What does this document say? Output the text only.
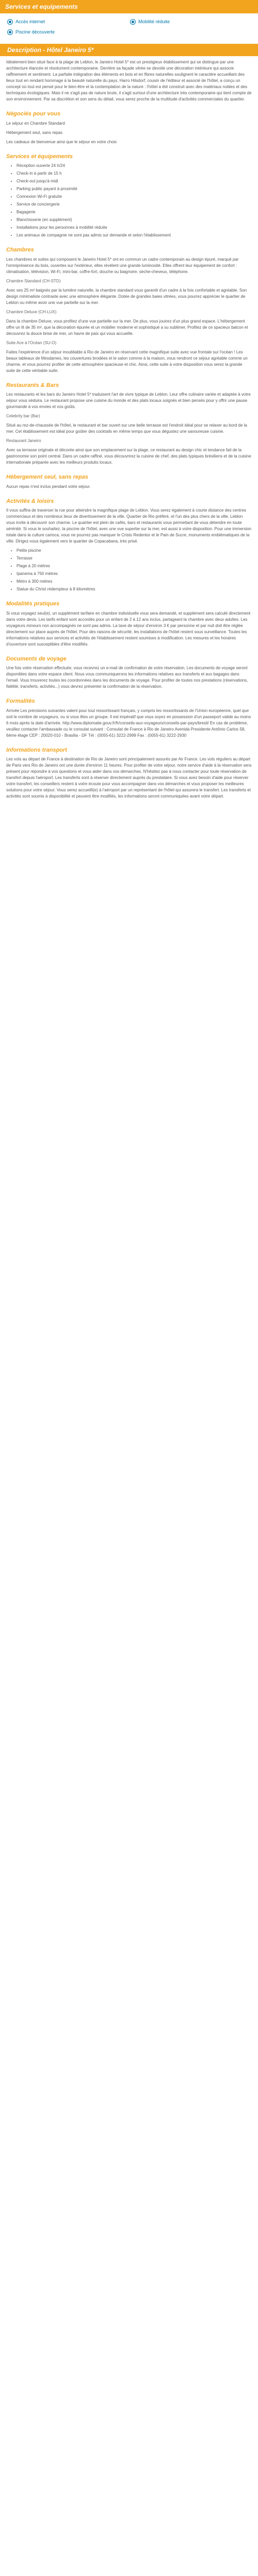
Services et equipements
Accès internet	Mobilité réduite
Piscine découverte
Description - Hôtel Janeiro 5*

Idéalement bien situé face à la plage de Leblon, le Janeiro Hotel 5* est un prestigieux établissement qui se distingue par une architecture élancée et résolument contemporaine. Derrière sa façade vitrée se devoile une décoration intérieure qui associe raffinement et sentiment. La parfaite intégration des éléments en bois et en fibres naturelles soulignent le caractère accueillant des lieux tout en rendant hommage à la beauté naturelle du pays. Harro Hilsdorf, cousin de l'éditeur et associé de l'hôtel, a conçu un concept où tout est pensé pour le bien-être et la contemplation de la nature : l'hôtel a été construit avec des matériaux nobles et des techniques écologiques. Mais il ne s'agit pas de nature brute, il s'agit surtout d'une architecture très contemporaine qui tient compte de son environnement. Par sa discrétion et son sens du détail, vous serez proche de la multitude d'activités commerciales du quartier.

Négociés pour vous

Le séjour en Chambre Standard

Hébergement seul, sans repas

Les cadeaux de bienvenue ainsi que le séjour en votre choix

Services et équipements
• Réception ouverte 24 h/24
• Check-in à partir de 15 h
• Check-out jusqu'à midi
• Parking public payant à proximité
• Connexion Wi-Fi gratuite
• Service de conciergerie
• Bagagerie
• Blanchisserie (en supplément)
• Installations pour les personnes à mobilité réduite
• Les animaux de compagnie ne sont pas admis sur demande et selon l'établissement
Chambres

Les chambres et suites qui composent le Janeiro Hotel 5* ont en commun un cadre contemporain au design épuré, marqué par l'omniprésence du bois, ouvertes sur l'extérieur, elles révèlent une grande luminosité. Elles offrent leur équipement de confort : climatisation, télévision, Wi-Fi, mini-bar, coffre-fort, douche ou baignoire, sèche-cheveux, téléphone.

Chambre Standard (CH-STD)

Avec ses 25 m² baignés par la lumière naturelle, la chambre standard vous garantit d'un cadre à la fois confortable et agréable. Son design minimaliste contraste avec une atmosphère élégante. Dotée de grandes baies vitrées, vous pourrez apprécier le quartier de Leblon ou même avoir une vue partielle sur la mer.

Chambre Deluxe (CH-LUX)

Dans la chambre Deluxe, vous profitez d'une vue partielle sur la mer. De plus, vous jouirez d'un plus grand espace. L'hébergement offre un lit de 35 m², que la décoration épurée et un mobilier moderne et sophistiqué a su sublimer. Profitez de ce spacieux balcon et découvrez la douce brise de mer, un havre de paix qui vous accueille.

Suite Ace à l'Océan (SU-O)

Faites l'expérience d'un séjour inoubliable à Rio de Janeiro en réservant cette magnifique suite avec vue frontale sur l'océan ! Les beaux tableaux de Mesdames, les couvertures brodées et le salon comme à la maison, vous rendront ce séjour agréable comme un charme, et vous pourrez profiter de cette atmosphère spacieuse et chic. Ainsi, cette suite à votre disposition vous serez la grande suite de cette véritable suite.

Restaurants & Bars

Les restaurants et les bars du Janeiro Hotel 5* traduisent l'art de vivre typique de Leblon. Leur offre culinaire variée et adaptée à votre séjour vous séduira. Le restaurant propose une cuisine du monde et des plats locaux soignés et bien pensés pour y offrir une pause gourmande à vos envies et vos goûts.

Celebrity bar (Bar)

Situé au rez-de-chaussée de l'hôtel, le restaurant et bar ouvert sur une belle terrasse est l'endroit idéal pour se relaxer au bord de la mer. Cet établissement est idéal pour goûter des cocktails en même temps que vous dégustez une savoureuse cuisine.

Restaurant Janeiro

Avec sa terrasse originale et décorée ainsi que son emplacement sur la plage, ce restaurant au design chic et tendance fait de la gastronomie son point central. Dans un cadre raffiné, vous découvrirez la cuisine de chef, des plats typiques brésiliens et de la cuisine internationale préparée avec les meilleurs produits locaux.

Hébergement seul, sans repas

Aucun repas n'est inclus pendant votre séjour.

Activités & loisirs

Il vous suffira de traverser la rue pour atteindre la magnifique plage de Leblon. Vous serez également à courte distance des centres commerciaux et des nombreux lieux de divertissement de la ville. Quartier de Rio préféré, et l'un des plus chers de la ville, Leblon vous invite à découvrir son charme. Le quartier est plein de cafés, bars et restaurants vous permettant de vous détendre en toute sérénité. Si vous le souhaitez, la piscine de l'hôtel, avec une vue superbe sur la mer, est aussi à votre disposition. Pour une immersion totale dans la culture carioca, vous ne pourrez pas manquer le Cristo Redentor et le Pain de Sucre, monuments emblématiques de la ville. Dirigez-vous également vers le quartier de Copacabana, très prisé.

• Petite piscine
• Terrasse
• Plage à 20 mètres
• Ipanema à 750 mètres
• Métro à 300 mètres
• Statue du Christ rédempteur à 8 kilomètres
Modalités pratiques

Si vous voyagez seul(e), un supplément tarifaire en chambre individuelle vous sera demandé, et supplément sera calculé directement dans votre devis. Les tarifs enfant sont accordés pour un enfant de 2 à 12 ans inclus, partageant la chambre avec deux adultes. Les voyageurs mineurs non accompagnés ne sont pas admis. La taxe de séjour d'environ 3 € par personne et par nuit doit être réglée directement sur place auprès de l'hôtel. Pour des raisons de sécurité, les installations de l'hôtel restent sous surveillance. Toutes les informations relatives aux services et activités de l'établissement restent soumises à modification. Les mesures et les horaires d'ouverture sont susceptibles d'être modifiés.

Documents de voyage

Une fois votre réservation effectuée, vous recevrez un e-mail de confirmation de votre réservation. Les documents de voyage seront disponibles dans votre espace client. Nous vous communiquerons les informations relatives aux transferts et aux bagages dans l'email. Vous trouverez toutes les coordonnées dans les documents de voyage. Pour profiter de toutes nos prestations (réservations, fidélité, transferts, activités...) vous devrez présenter la confirmation de la réservation.

Formalités

Arrivée Les précisions suivantes valent pour tout ressortissant français, y compris les ressortissants de l'Union européenne, quel que soit le nombre de voyageurs, ou si vous êtes un groupe. Il est impératif que vous soyez en possession d'un passeport valide au moins 6 mois après la date d'arrivée. http://www.diplomatie.gouv.fr/fr/conseils-aux-voyageurs/conseils-par-pays/bresil/ En cas de problème, veuillez contacter l'ambassade ou le consulat suivant : Consulat de France à Rio de Janeiro Avenida Presidente Antônio Carlos 58, 6ème étage CEP : 20020-010 - Brasilia - DF Tél : (0055-61) 3222-2999 Fax : (0055-61) 3222-2930

Informations transport

Les vols au départ de France à destination de Rio de Janeiro sont principalement assurés par Air France. Les vols réguliers au départ de Paris vers Rio de Janeiro ont une durée d'environ 11 heures. Pour profiter de votre séjour, notre service d'aide à la réservation sera présent pour répondre à vos questions et vous aider dans vos démarches. N'hésitez pas à nous contacter pour toute réservation de transfert depuis l'aéroport. Les transferts sont à réserver directement auprès du prestataire. Si vous avez besoin d'aide pour réserver votre transfert, les conseillers restent à votre écoute pour vous accompagner dans vos démarches et vous proposer les meilleures solutions pour votre séjour. Vous serez accueilli(e) à l'aéroport par un représentant de l'hôtel qui assurera le transfert. Les transferts et activités sont soumis à disponibilité et peuvent être modifiés, les informations seront communiquées avant votre départ.
